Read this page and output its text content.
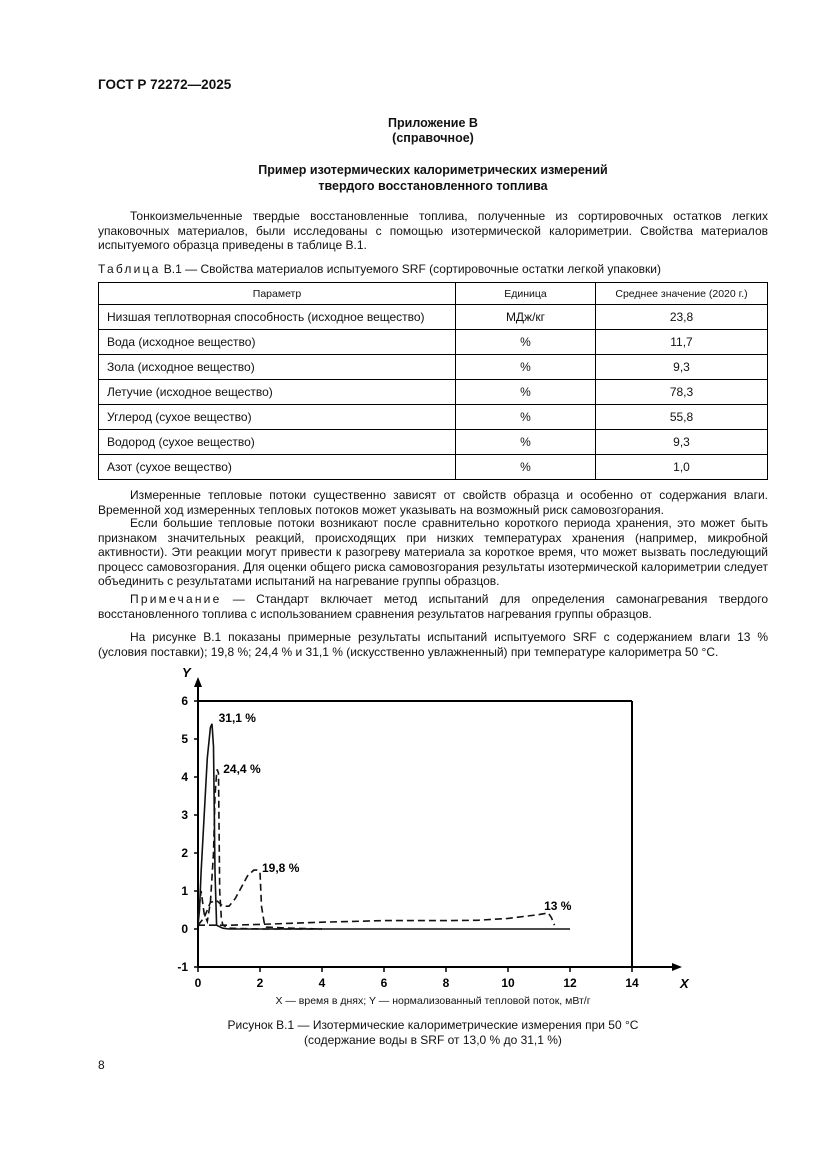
ГОСТ Р 72272—2025
Приложение В
(справочное)
Пример изотермических калориметрических измерений
твердого восстановленного топлива
Тонкоизмельченные твердые восстановленные топлива, полученные из сортировочных остатков легких упаковочных материалов, были исследованы с помощью изотермической калориметрии. Свойства материалов испытуемого образца приведены в таблице В.1.
Таблица В.1 — Свойства материалов испытуемого SRF (сортировочные остатки легкой упаковки)
Параметр	Единица	Среднее значение (2020 г.)
Низшая теплотворная способность (исходное вещество)	МДж/кг	23,8
Вода (исходное вещество)	%	11,7
Зола (исходное вещество)	%	9,3
Летучие (исходное вещество)	%	78,3
Углерод (сухое вещество)	%	55,8
Водород (сухое вещество)	%	9,3
Азот (сухое вещество)	%	1,0
Измеренные тепловые потоки существенно зависят от свойств образца и особенно от содержания влаги. Временной ход измеренных тепловых потоков может указывать на возможный риск самовозгорания.
Если большие тепловые потоки возникают после сравнительно короткого периода хранения, это может быть признаком значительных реакций, происходящих при низких температурах хранения (например, микробной активности). Эти реакции могут привести к разогреву материала за короткое время, что может вызвать последующий процесс самовозгорания. Для оценки общего риска самовозгорания результаты изотермической калориметрии следует объединить с результатами испытаний на нагревание группы образцов.
Примечание — Стандарт включает метод испытаний для определения самонагревания твердого восстановленного топлива с использованием сравнения результатов нагревания группы образцов.
На рисунке В.1 показаны примерные результаты испытаний испытуемого SRF с содержанием влаги 13 % (условия поставки); 19,8 %; 24,4 % и 31,1 % (искусственно увлажненный) при температуре калориметра 50 °C.
-1
0
1
2
3
4
5
6
0	2	4	6	8	10	12	14
Y
X
31,1 %
24,4 %
19,8 %
13 %
X — время в днях; Y — нормализованный тепловой поток, мВт/г
Рисунок В.1 — Изотермические калориметрические измерения при 50 °C
(содержание воды в SRF от 13,0 % до 31,1 %)
8
